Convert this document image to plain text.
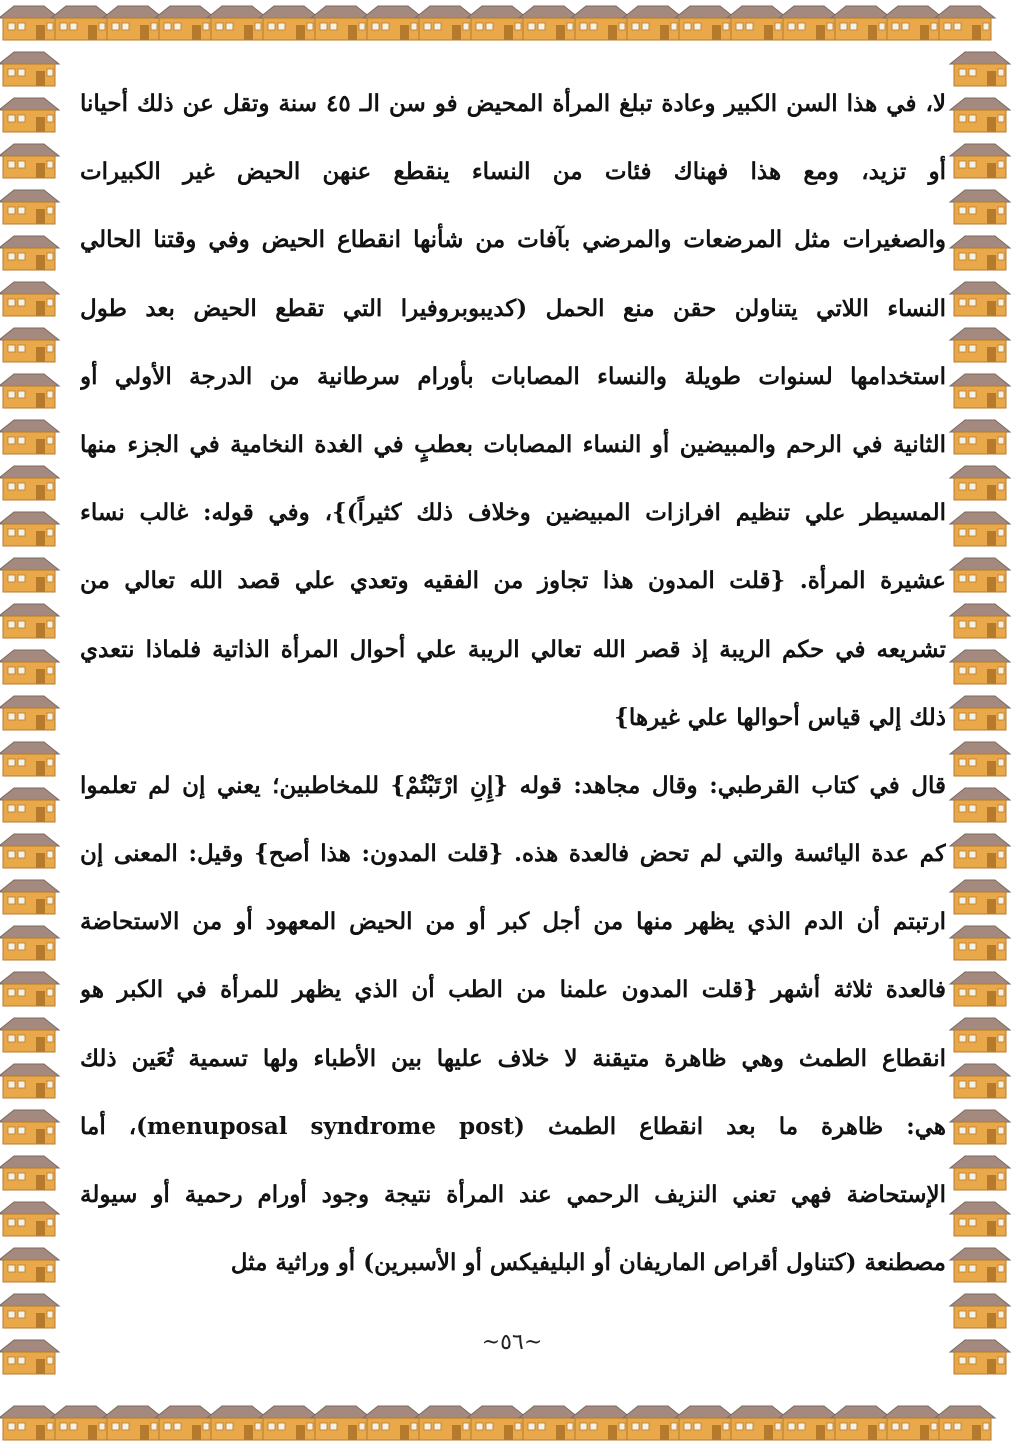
لا، في هذا السن الكبير وعادة تبلغ المرأة المحيض فو سن الـ ٤٥ سنة وتقل عن ذلك أحيانا
أو تزيد، ومع هذا فهناك فئات من النساء ينقطع عنهن الحيض غير الكبيرات
والصغيرات مثل المرضعات والمرضي بآفات من شأنها انقطاع الحيض وفي وقتنا الحالي
النساء اللاتي يتناولن حقن منع الحمل (كديبوبروفيرا التي تقطع الحيض بعد طول
استخدامها لسنوات طويلة والنساء المصابات بأورام سرطانية من الدرجة الأولي أو
الثانية في الرحم والمبيضين أو النساء المصابات بعطبٍ في الغدة النخامية في الجزء منها
المسيطر علي تنظيم افرازات المبيضين وخلاف ذلك كثيراً)}، وفي قوله: غالب نساء
عشيرة المرأة. {قلت المدون هذا تجاوز من الفقيه وتعدي علي قصد الله تعالي من
تشريعه في حكم الريبة إذ قصر الله تعالي الريبة علي أحوال المرأة الذاتية فلماذا نتعدي
ذلك إلي قياس أحوالها علي غيرها}
قال في كتاب القرطبي: وقال مجاهد: قوله {إِنِ ارْتَبْتُمْ} للمخاطبين؛ يعني إن لم تعلموا
كم عدة اليائسة والتي لم تحض فالعدة هذه. {قلت المدون: هذا أصح} وقيل: المعنى إن
ارتبتم أن الدم الذي يظهر منها من أجل كبر أو من الحيض المعهود أو من الاستحاضة
فالعدة ثلاثة أشهر {قلت المدون علمنا من الطب أن الذي يظهر للمرأة في الكبر هو
انقطاع الطمث وهي ظاهرة متيقنة لا خلاف عليها بين الأطباء ولها تسمية تُعَين ذلك
هي: ظاهرة ما بعد انقطاع الطمث (menuposal syndrome post)، أما
الإستحاضة فهي تعني النزيف الرحمي عند المرأة نتيجة وجود أورام رحمية أو سيولة
مصطنعة (كتناول أقراص الماريفان أو البليفيكس أو الأسبرين) أو وراثية مثل
~٥٦~
